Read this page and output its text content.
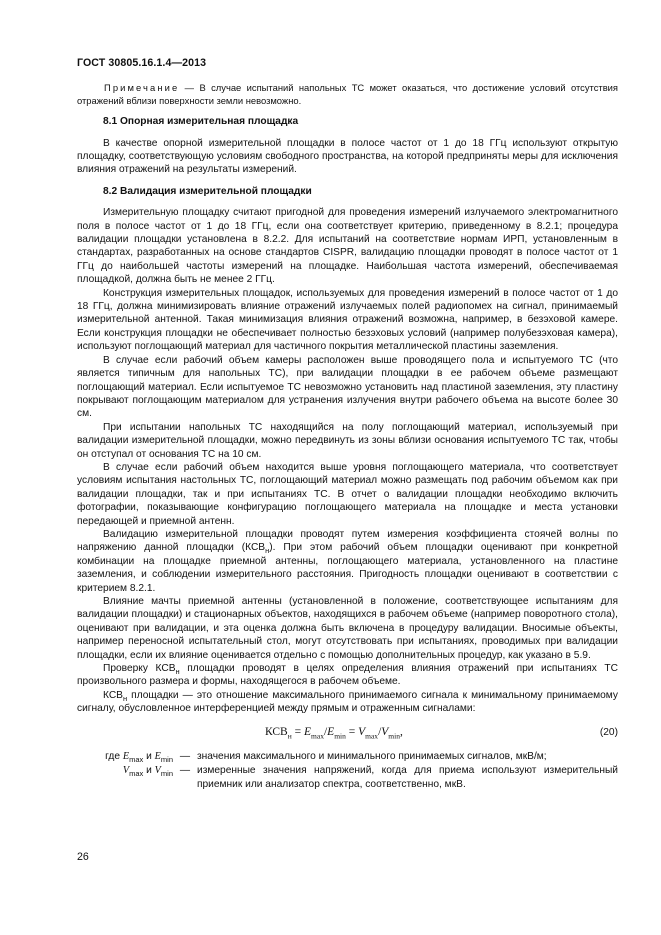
ГОСТ 30805.16.1.4—2013

Примечание — В случае испытаний напольных ТС может оказаться, что достижение условий отсутствия отражений вблизи поверхности земли невозможно.

8.1 Опорная измерительная площадка

В качестве опорной измерительной площадки в полосе частот от 1 до 18 ГГц используют открытую площадку, соответствующую условиям свободного пространства, на которой предприняты меры для исключения влияния отражений на результаты измерений.

8.2 Валидация измерительной площадки

Измерительную площадку считают пригодной для проведения измерений излучаемого электромагнитного поля в полосе частот от 1 до 18 ГГц, если она соответствует критерию, приведенному в 8.2.1; процедура валидации площадки установлена в 8.2.2. Для испытаний на соответствие нормам ИРП, установленным в стандартах, разработанных на основе стандартов CISPR, валидацию площадки проводят в полосе частот от 1 ГГц до наибольшей частоты измерений на площадке. Наибольшая частота измерений, обеспечиваемая площадкой, должна быть не менее 2 ГГц.

Конструкция измерительных площадок, используемых для проведения измерений в полосе частот от 1 до 18 ГГц, должна минимизировать влияние отражений излучаемых полей радиопомех на сигнал, принимаемый измерительной антенной. Такая минимизация влияния отражений возможна, например, в безэховой камере. Если конструкция площадки не обеспечивает полностью безэховых условий (например полубезэховая камера), используют поглощающий материал для частичного покрытия металлической пластины заземления.

В случае если рабочий объем камеры расположен выше проводящего пола и испытуемого ТС (что является типичным для напольных ТС), при валидации площадки в ее рабочем объеме размещают поглощающий материал. Если испытуемое ТС невозможно установить над пластиной заземления, эту пластину покрывают поглощающим материалом для устранения излучения внутри рабочего объема на высоте более 30 см.

При испытании напольных ТС находящийся на полу поглощающий материал, используемый при валидации измерительной площадки, можно передвинуть из зоны вблизи основания испытуемого ТС так, чтобы он отступал от основания ТС на 10 см.

В случае если рабочий объем находится выше уровня поглощающего материала, что соответствует условиям испытания настольных ТС, поглощающий материал можно размещать под рабочим объемом как при валидации площадки, так и при испытаниях ТС. В отчет о валидации площадки необходимо включить фотографии, показывающие конфигурацию поглощающего материала на площадке и места установки передающей и приемной антенн.

Валидацию измерительной площадки проводят путем измерения коэффициента стоячей волны по напряжению данной площадки $(КСВ_н)$. При этом рабочий объем площадки оценивают при конкретной комбинации на площадке приемной антенны, поглощающего материала, установленного на пластине заземления, и соблюдении измерительного расстояния. Пригодность площадки оценивают в соответствии с критерием 8.2.1.

Влияние мачты приемной антенны (установленной в положение, соответствующее испытаниям для валидации площадки) и стационарных объектов, находящихся в рабочем объеме (например поворотного стола), оценивают при валидации, и эта оценка должна быть включена в процедуру валидации. Вносимые объекты, например переносной испытательный стол, могут отсутствовать при испытаниях, проводимых при валидации площадки, если их влияние оценивается отдельно с помощью дополнительных процедур, как указано в 5.9.

Проверку $КСВ_н$ площадки проводят в целях определения влияния отражений при испытаниях ТС произвольного размера и формы, находящегося в рабочем объеме.

$КСВ_н$ площадки — это отношение максимального принимаемого сигнала к минимальному принимаемому сигналу, обусловленное интерференцией между прямым и отраженным сигналами:

$КСВ_н = E_{max}/E_{min} = V_{max}/V_{min}$,	(20)
где $E_{max}$ и $E_{min}$ — значения максимального и минимального принимаемых сигналов, мкВ/м;
$V_{max}$ и $V_{min}$ — измеренные значения напряжений, когда для приема используют измерительный приемник или анализатор спектра, соответственно, мкВ.
26
